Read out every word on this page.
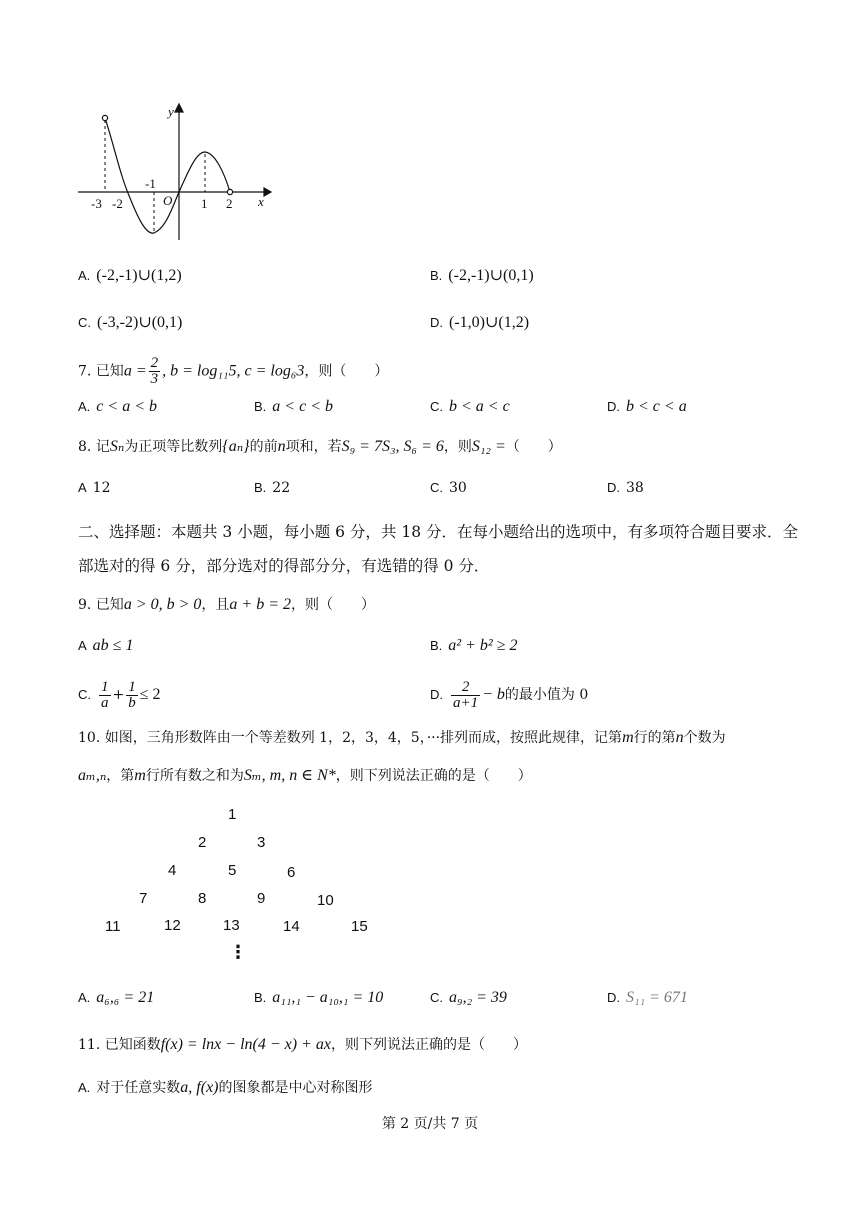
y
x
O
-3 -2
-1
1 2
A. (-2,-1)∪(1,2)	B. (-2,-1)∪(0,1)
C. (-3,-2)∪(0,1)	D. (-1,0)∪(1,2)
7. 已知$a = \frac{2}{3}$ , b = log₁₁5, c = log₆3，则（　　）
A. c < a < b	B. a < c < b	C. b < a < c	D. b < c < a
8. 记Sₙ为正项等比数列{aₙ}的前n项和，若S₉ = 7S₃, S₆ = 6，则S₁₂ =（　　）
A 12	B. 22	C. 30	D. 38
二、选择题：本题共 3 小题，每小题 6 分，共 18 分．在每小题给出的选项中，有多项符合题目要求．全部选对的得 6 分，部分选对的得部分分，有选错的得 0 分．
9. 已知a > 0, b > 0，且a + b = 2，则（　　）
A ab ≤ 1	B. a² + b² ≥ 2
C. $\frac{1}{a} + \frac{1}{b} \le 2$	D. $\frac{2}{a+1} - b$的最小值为 0
10. 如图，三角形数阵由一个等差数列 1，2，3，4，5，···排列而成，按照此规律，记第m行的第n个数为
aₘ,ₙ，第m行所有数之和为Sₘ, m, n ∈ N*，则下列说法正确的是（　　）
1
2	3
4	5	6
7	8	9	10
11	12	13	14	15
⋮
A. a₆,₆ = 21	B. a₁₁,₁ − a₁₀,₁ = 10	C. a₉,₂ = 39	D. S₁₁ = 671
11. 已知函数f(x) = lnx − ln(4 − x) + ax，则下列说法正确的是（　　）
A. 对于任意实数a, f(x)的图象都是中心对称图形
第 2 页/共 7 页
